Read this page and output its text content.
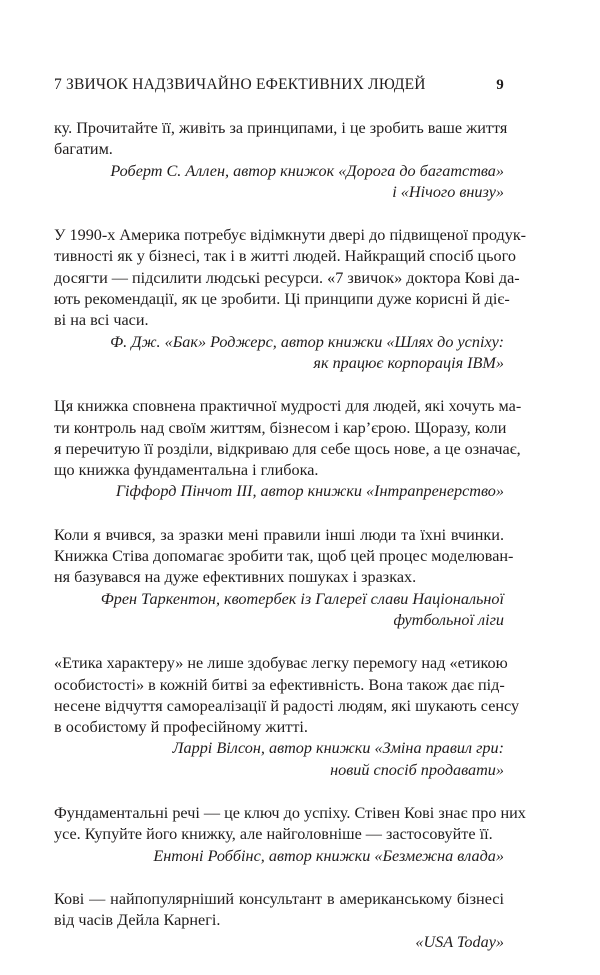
7 ЗВИЧОК НАДЗВИЧАЙНО ЕФЕКТИВНИХ ЛЮДЕЙ	9
ку. Прочитайте її, живіть за принципами, і це зробить ваше життя
багатим.
Роберт С. Аллен, автор книжок «Дорога до багатства»
і «Нічого внизу»
У 1990-х Америка потребує відімкнути двері до підвищеної продук-
тивності як у бізнесі, так і в житті людей. Найкращий спосіб цього
досягти — підсилити людські ресурси. «7 звичок» доктора Кові да-
ють рекомендації, як це зробити. Ці принципи дуже корисні й діє-
ві на всі часи.
Ф. Дж. «Бак» Роджерс, автор книжки «Шлях до успіху:
як працює корпорація IBM»
Ця книжка сповнена практичної мудрості для людей, які хочуть ма-
ти контроль над своїм життям, бізнесом і кар’єрою. Щоразу, коли
я перечитую її розділи, відкриваю для себе щось нове, а це означає,
що книжка фундаментальна і глибока.
Гіффорд Пінчот III, автор книжки «Інтрапренерство»
Коли я вчився, за зразки мені правили інші люди та їхні вчинки.
Книжка Стіва допомагає зробити так, щоб цей процес моделюван-
ня базувався на дуже ефективних пошуках і зразках.
Френ Таркентон, квотербек із Галереї слави Національної
футбольної ліги
«Етика характеру» не лише здобуває легку перемогу над «етикою
особистості» в кожній битві за ефективність. Вона також дає під-
несене відчуття самореалізації й радості людям, які шукають сенсу
в особистому й професійному житті.
Ларрі Вілсон, автор книжки «Зміна правил гри:
новий спосіб продавати»
Фундаментальні речі — це ключ до успіху. Стівен Кові знає про них
усе. Купуйте його книжку, але найголовніше — застосовуйте її.
Ентоні Роббінс, автор книжки «Безмежна влада»
Кові — найпопулярніший консультант в американському бізнесі
від часів Дейла Карнегі.
«USA Today»
